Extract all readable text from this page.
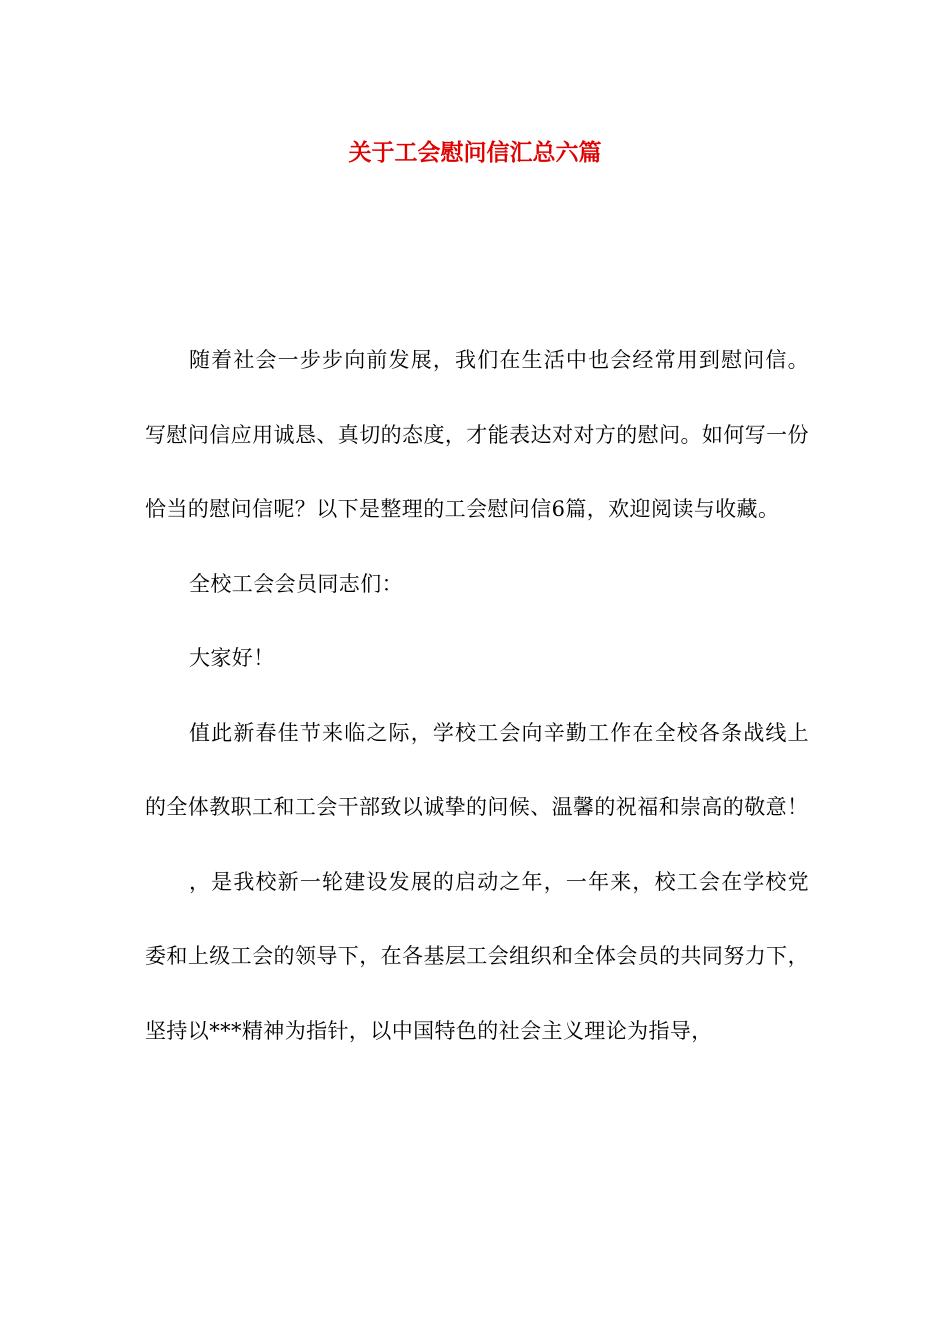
关于工会慰问信汇总六篇

随着社会一步步向前发展，我们在生活中也会经常用到慰问信。写慰问信应用诚恳、真切的态度，才能表达对对方的慰问。如何写一份恰当的慰问信呢？以下是整理的工会慰问信6篇，欢迎阅读与收藏。

全校工会会员同志们：

大家好！

值此新春佳节来临之际，学校工会向辛勤工作在全校各条战线上的全体教职工和工会干部致以诚挚的问候、温馨的祝福和崇高的敬意！

，是我校新一轮建设发展的启动之年，一年来，校工会在学校党委和上级工会的领导下，在各基层工会组织和全体会员的共同努力下，坚持以***精神为指针，以中国特色的社会主义理论为指导，
